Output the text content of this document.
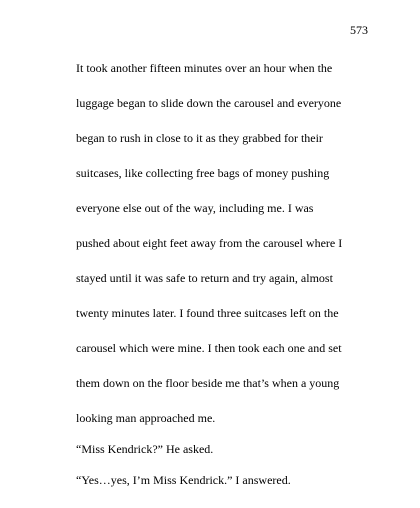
573
It took another fifteen minutes over an hour when the
luggage began to slide down the carousel and everyone
began to rush in close to it as they grabbed for their
suitcases, like collecting free bags of money pushing
everyone else out of the way, including me. I was
pushed about eight feet away from the carousel where I
stayed until it was safe to return and try again, almost
twenty minutes later. I found three suitcases left on the
carousel which were mine. I then took each one and set
them down on the floor beside me that’s when a young
looking man approached me.
“Miss Kendrick?” He asked.
“Yes…yes, I’m Miss Kendrick.” I answered.
